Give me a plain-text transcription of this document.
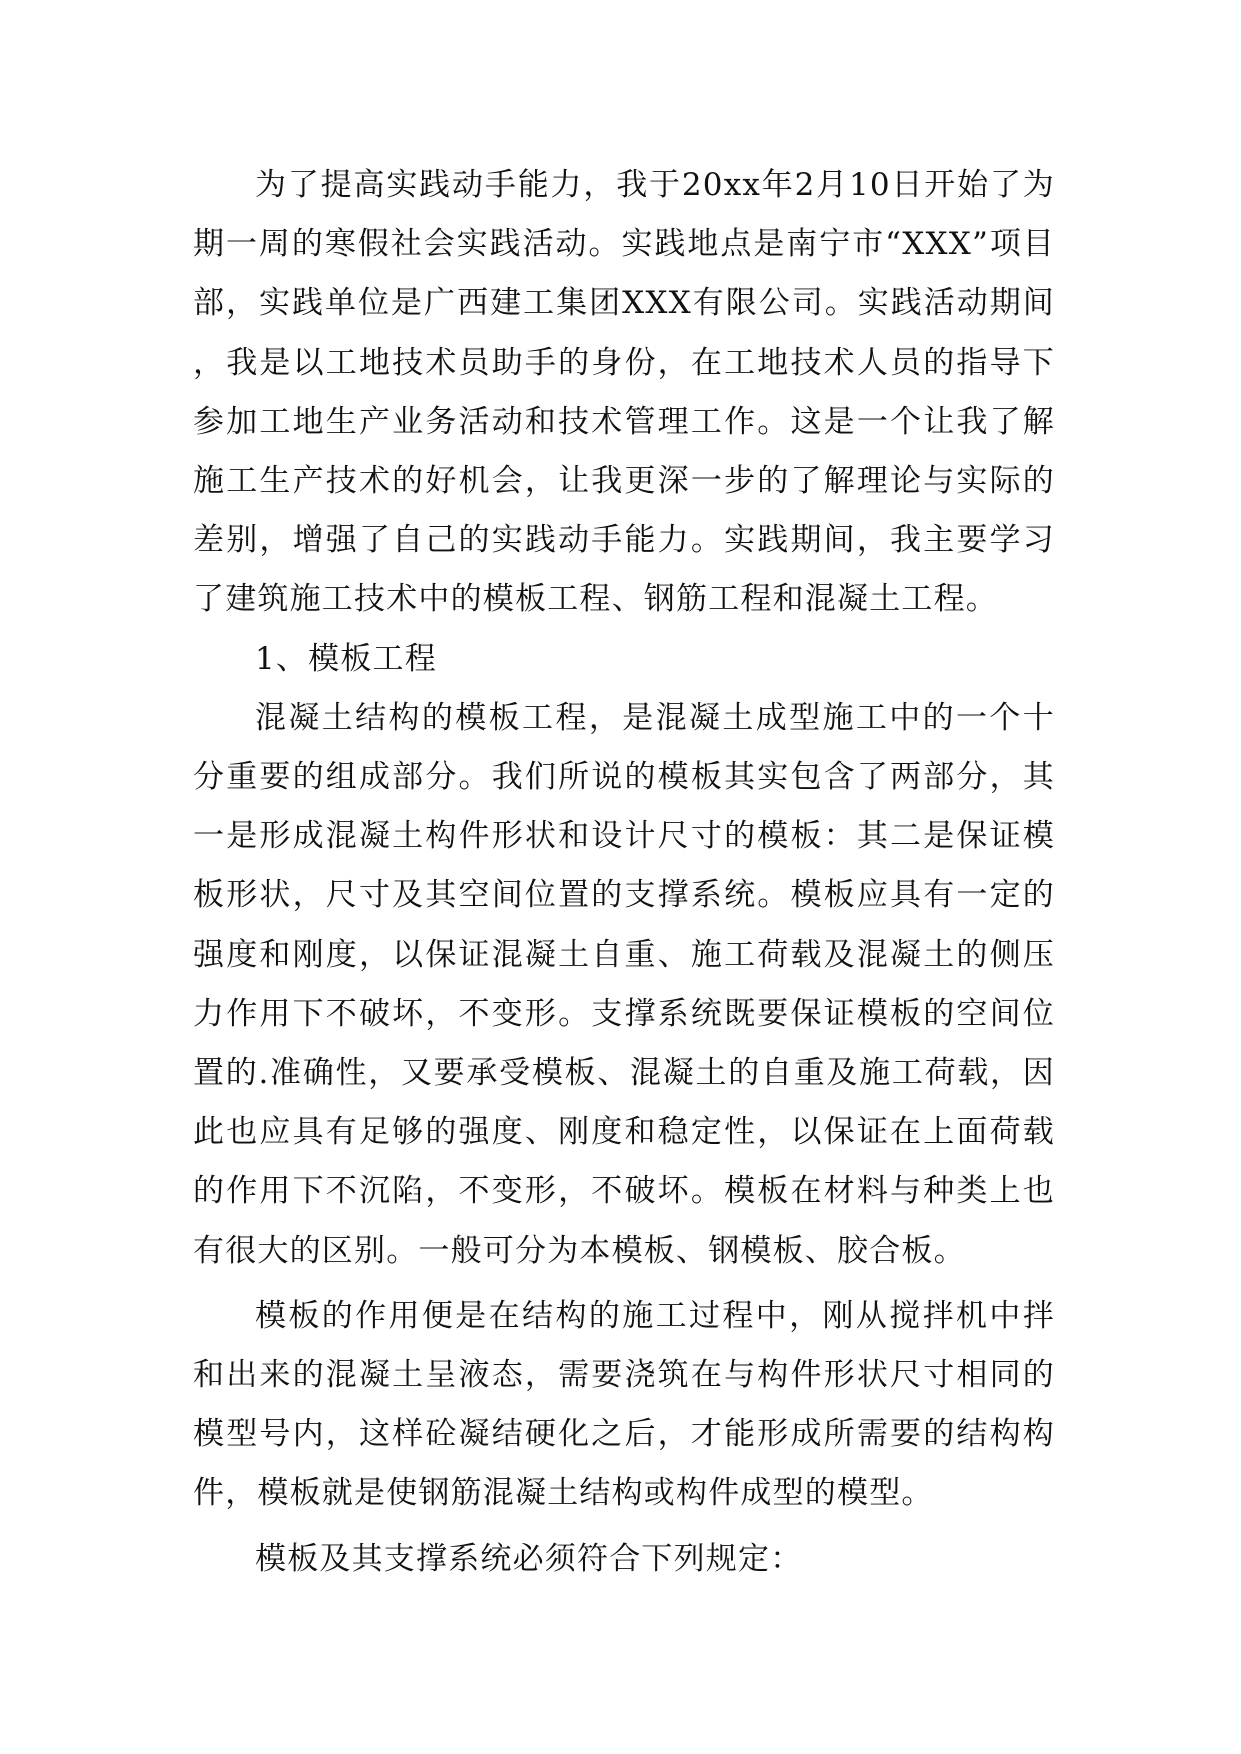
为了提高实践动手能力，我于20xx年2月10日开始了为期一周的寒假社会实践活动。实践地点是南宁市“XXX”项目部，实践单位是广西建工集团XXX有限公司。实践活动期间，我是以工地技术员助手的身份，在工地技术人员的指导下参加工地生产业务活动和技术管理工作。这是一个让我了解施工生产技术的好机会，让我更深一步的了解理论与实际的差别，增强了自己的实践动手能力。实践期间，我主要学习了建筑施工技术中的模板工程、钢筋工程和混凝土工程。

1、模板工程

混凝土结构的模板工程，是混凝土成型施工中的一个十分重要的组成部分。我们所说的模板其实包含了两部分，其一是形成混凝土构件形状和设计尺寸的模板：其二是保证模板形状，尺寸及其空间位置的支撑系统。模板应具有一定的强度和刚度，以保证混凝土自重、施工荷载及混凝土的侧压力作用下不破坏，不变形。支撑系统既要保证模板的空间位置的.准确性，又要承受模板、混凝土的自重及施工荷载，因此也应具有足够的强度、刚度和稳定性，以保证在上面荷载的作用下不沉陷，不变形，不破坏。模板在材料与种类上也有很大的区别。一般可分为本模板、钢模板、胶合板。

模板的作用便是在结构的施工过程中，刚从搅拌机中拌和出来的混凝土呈液态，需要浇筑在与构件形状尺寸相同的模型号内，这样砼凝结硬化之后，才能形成所需要的结构构件，模板就是使钢筋混凝土结构或构件成型的模型。

模板及其支撑系统必须符合下列规定：
